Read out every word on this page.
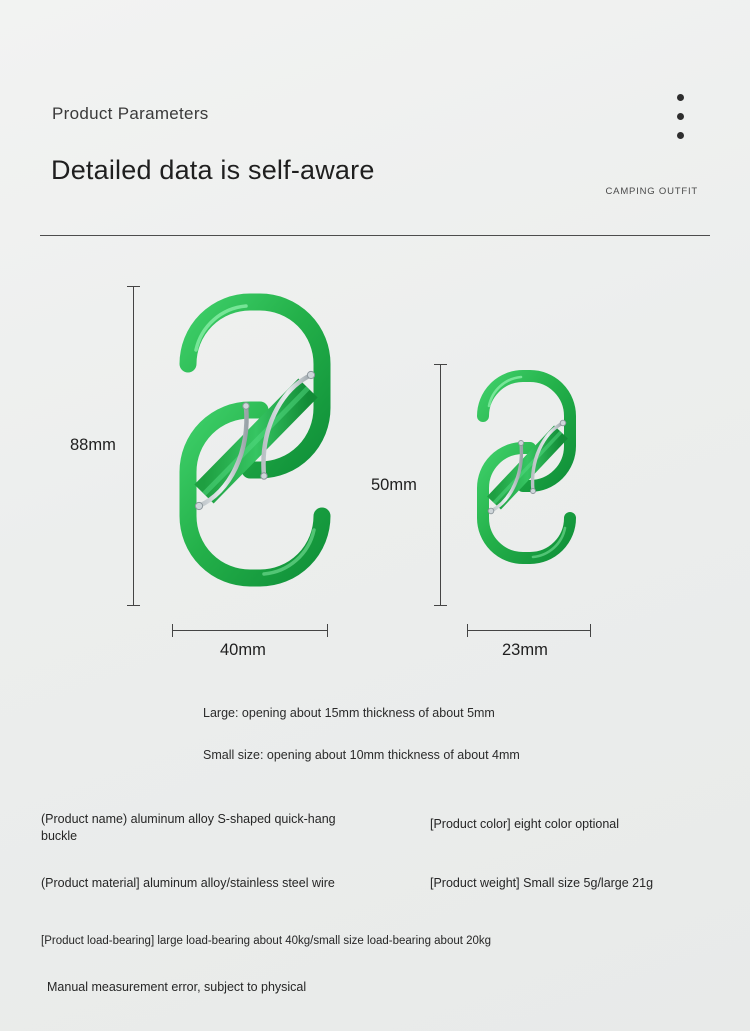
Product Parameters
Detailed data is self-aware
CAMPING OUTFIT
88mm
40mm
50mm
23mm
Large: opening about 15mm thickness of about 5mm
Small size: opening about 10mm thickness of about 4mm
(Product name) aluminum alloy S-shaped quick-hang buckle
[Product color] eight color optional
(Product material] aluminum alloy/stainless steel wire	[Product weight] Small size 5g/large 21g
[Product load-bearing] large load-bearing about 40kg/small size load-bearing about 20kg
Manual measurement error, subject to physical
